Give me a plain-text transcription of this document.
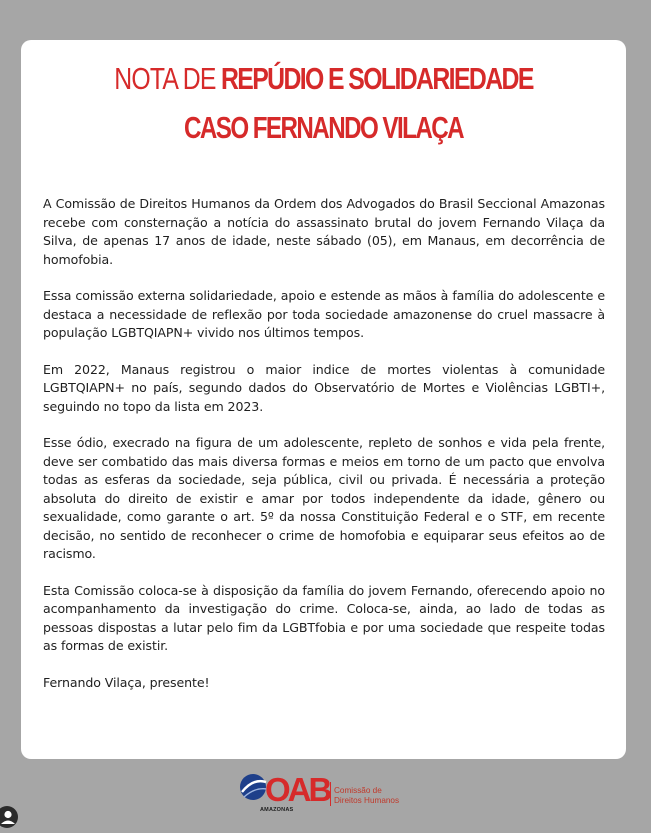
NOTA DE REPÚDIO E SOLIDARIEDADE
CASO FERNANDO VILAÇA

A Comissão de Direitos Humanos da Ordem dos Advogados do Brasil Seccional Amazonas recebe com consternação a notícia do assassinato brutal do jovem Fernando Vilaça da Silva, de apenas 17 anos de idade, neste sábado (05), em Manaus, em decorrência de homofobia.

Essa comissão externa solidariedade, apoio e estende as mãos à família do adolescente e destaca a necessidade de reflexão por toda sociedade amazonense do cruel massacre à população LGBTQIAPN+ vivido nos últimos tempos.

Em 2022, Manaus registrou o maior indice de mortes violentas à comunidade LGBTQIAPN+ no país, segundo dados do Observatório de Mortes e Violências LGBTI+, seguindo no topo da lista em 2023.

Esse ódio, execrado na figura de um adolescente, repleto de sonhos e vida pela frente, deve ser combatido das mais diversa formas e meios em torno de um pacto que envolva todas as esferas da sociedade, seja pública, civil ou privada. É necessária a proteção absoluta do direito de existir e amar por todos independente da idade, gênero ou sexualidade, como garante o art. 5º da nossa Constituição Federal e o STF, em recente decisão, no sentido de reconhecer o crime de homofobia e equiparar seus efeitos ao de racismo.

Esta Comissão coloca-se à disposição da família do jovem Fernando, oferecendo apoio no acompanhamento da investigação do crime. Coloca-se, ainda, ao lado de todas as pessoas dispostas a lutar pelo fim da LGBTfobia e por uma sociedade que respeite todas as formas de existir.

Fernando Vilaça, presente!

OAB
AMAZONAS
Comissão de
Direitos Humanos
